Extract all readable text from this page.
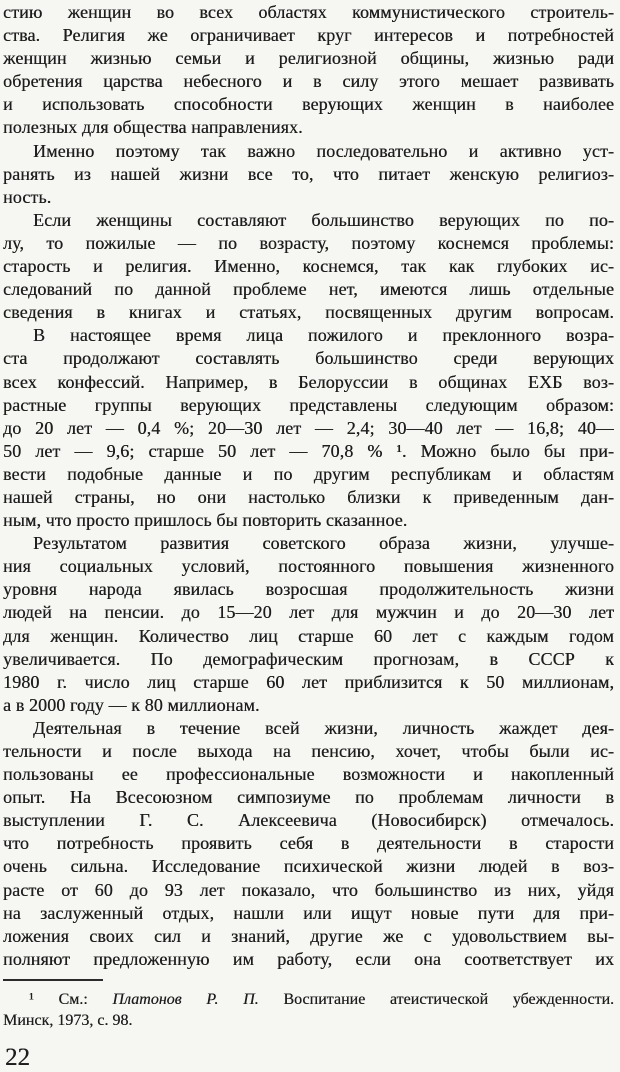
стию женщин во всех областях коммунистического строитель-
ства. Религия же ограничивает круг интересов и потребностей
женщин жизнью семьи и религиозной общины, жизнью ради
обретения царства небесного и в силу этого мешает развивать
и использовать способности верующих женщин в наиболее
полезных для общества направлениях.
Именно поэтому так важно последовательно и активно уст-
ранять из нашей жизни все то, что питает женскую религиоз-
ность.
Если женщины составляют большинство верующих по по-
лу, то пожилые — по возрасту, поэтому коснемся проблемы:
старость и религия. Именно, коснемся, так как глубоких ис-
следований по данной проблеме нет, имеются лишь отдельные
сведения в книгах и статьях, посвященных другим вопросам.
В настоящее время лица пожилого и преклонного возра-
ста продолжают составлять большинство среди верующих
всех конфессий. Например, в Белоруссии в общинах ЕХБ воз-
растные группы верующих представлены следующим образом:
до 20 лет — 0,4 %; 20—30 лет — 2,4; 30—40 лет — 16,8; 40—
50 лет — 9,6; старше 50 лет — 70,8 % ¹. Можно было бы при-
вести подобные данные и по другим республикам и областям
нашей страны, но они настолько близки к приведенным дан-
ным, что просто пришлось бы повторить сказанное.
Результатом развития советского образа жизни, улучше-
ния социальных условий, постоянного повышения жизненного
уровня народа явилась возросшая продолжительность жизни
людей на пенсии. до 15—20 лет для мужчин и до 20—30 лет
для женщин. Количество лиц старше 60 лет с каждым годом
увеличивается. По демографическим прогнозам, в СССР к
1980 г. число лиц старше 60 лет приблизится к 50 миллионам,
а в 2000 году — к 80 миллионам.
Деятельная в течение всей жизни, личность жаждет дея-
тельности и после выхода на пенсию, хочет, чтобы были ис-
пользованы ее профессиональные возможности и накопленный
опыт. На Всесоюзном симпозиуме по проблемам личности в
выступлении Г. С. Алексеевича (Новосибирск) отмечалось.
что потребность проявить себя в деятельности в старости
очень сильна. Исследование психической жизни людей в воз-
расте от 60 до 93 лет показало, что большинство из них, уйдя
на заслуженный отдых, нашли или ищут новые пути для при-
ложения своих сил и знаний, другие же с удовольствием вы-
полняют предложенную им работу, если она соответствует их
¹ См.: Платонов Р. П. Воспитание атеистической убежденности.
Минск, 1973, с. 98.
22
